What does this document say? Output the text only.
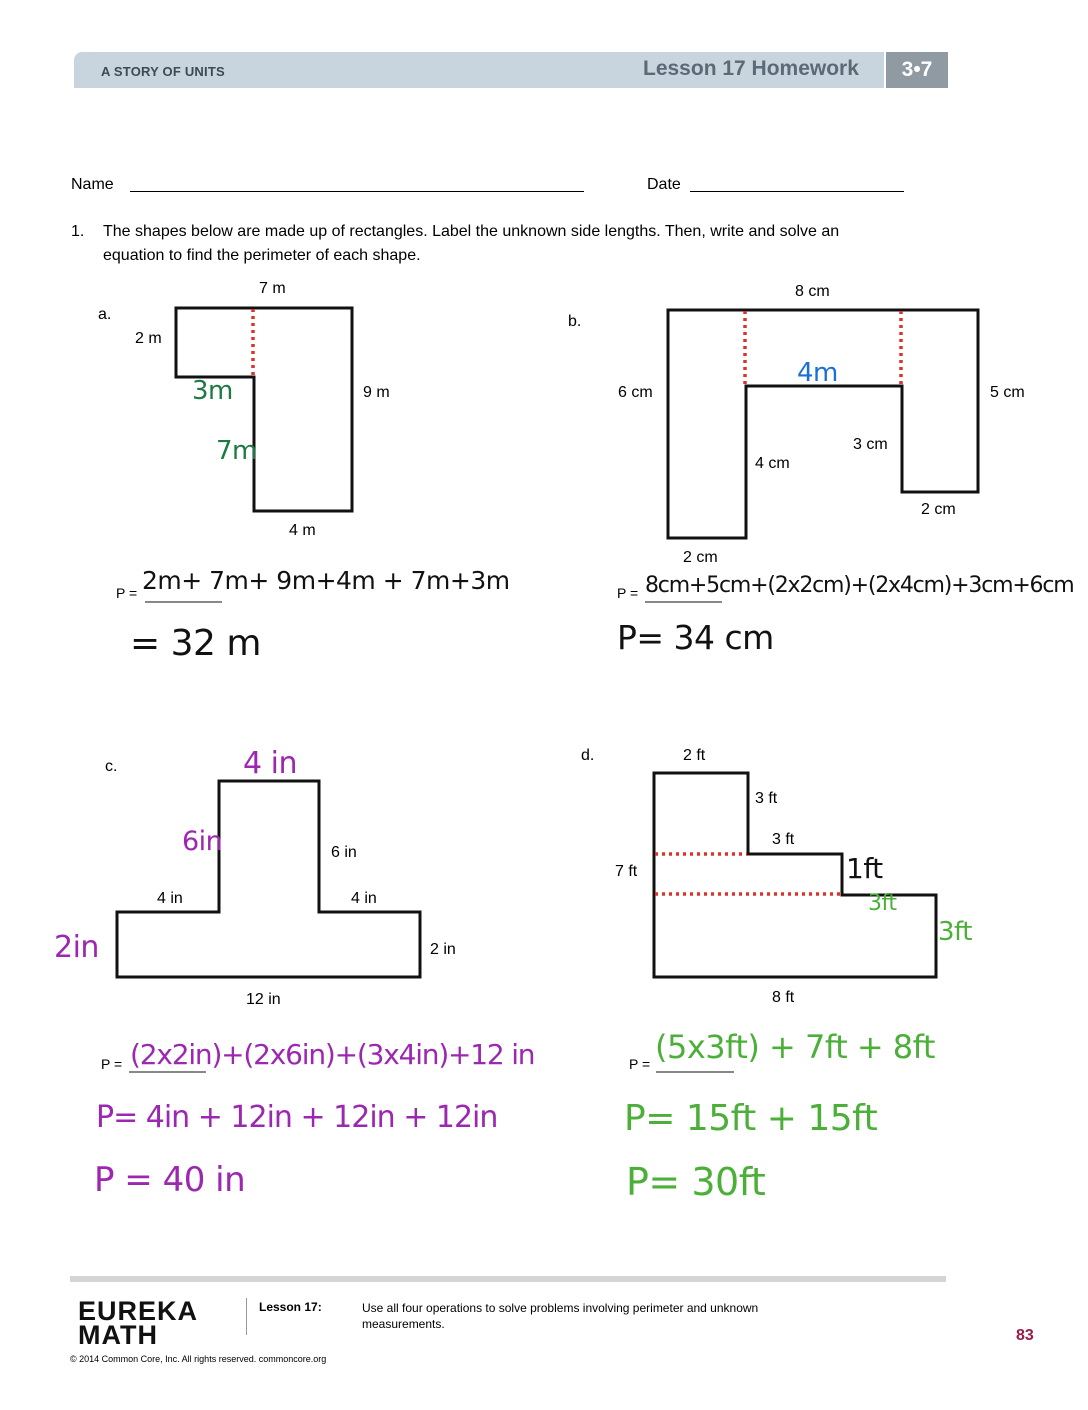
A STORY OF UNITS	Lesson 17 Homework	3•7
Name	Date
1. The shapes below are made up of rectangles. Label the unknown side lengths. Then, write and solve an
equation to find the perimeter of each shape.
a.
7 m
2 m
9 m
4 m
3m
7m
P = 2m+ 7m+ 9m+4m + 7m+3m
= 32 m
b.
8 cm
6 cm	5 cm
3 cm
4 cm
2 cm
2 cm
4m
P = 8cm+5cm+(2x2cm)+(2x4cm)+3cm+6cm
P= 34 cm
c.	4 in
6in	6 in
4 in	4 in
2in	2 in
12 in
P = (2x2in)+(2x6in)+(3x4in)+12 in
P= 4in + 12in + 12in + 12in
P = 40 in
d.	2 ft
3 ft
3 ft
7 ft	1ft
3ft
3ft
8 ft
P = (5x3ft) + 7ft + 8ft
P= 15ft + 15ft
P= 30ft
EUREKA
MATH
Lesson 17:	Use all four operations to solve problems involving perimeter and unknown measurements.
© 2014 Common Core, Inc. All rights reserved. commoncore.org
83
